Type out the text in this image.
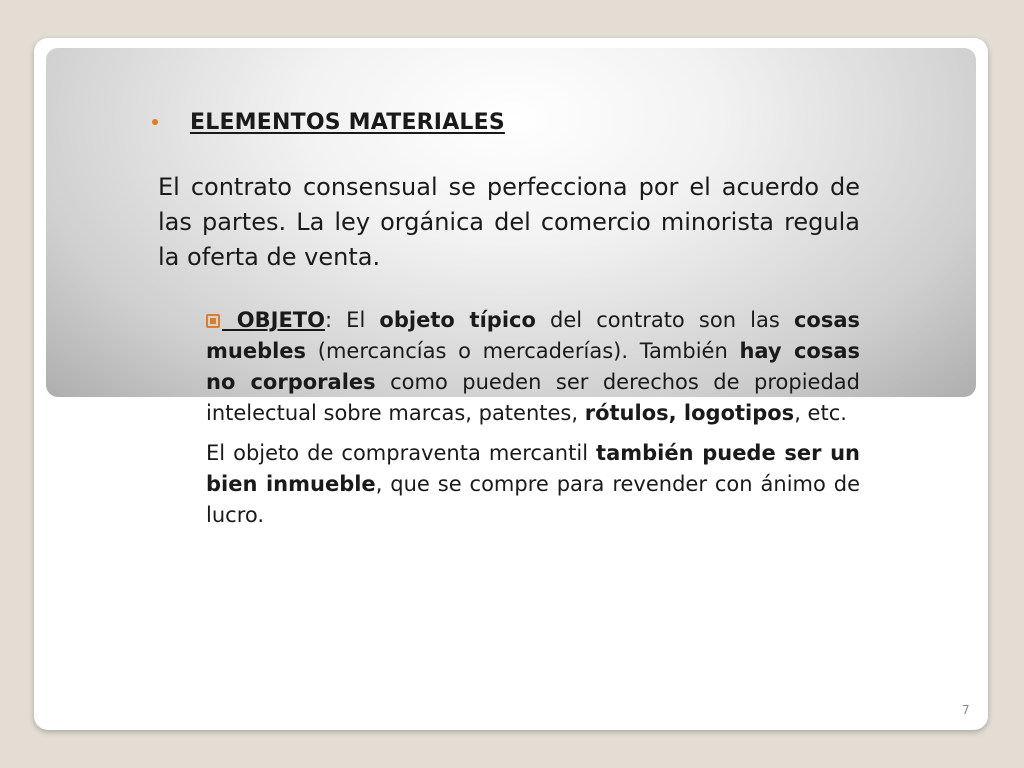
ELEMENTOS MATERIALES
El contrato consensual se perfecciona por el acuerdo de las partes. La ley orgánica del comercio minorista regula la oferta de venta.

OBJETO: El objeto típico del contrato son las cosas muebles (mercancías o mercaderías). También hay cosas no corporales como pueden ser derechos de propiedad intelectual sobre marcas, patentes, rótulos, logotipos, etc.

El objeto de compraventa mercantil también puede ser un bien inmueble, que se compre para revender con ánimo de lucro.

7
